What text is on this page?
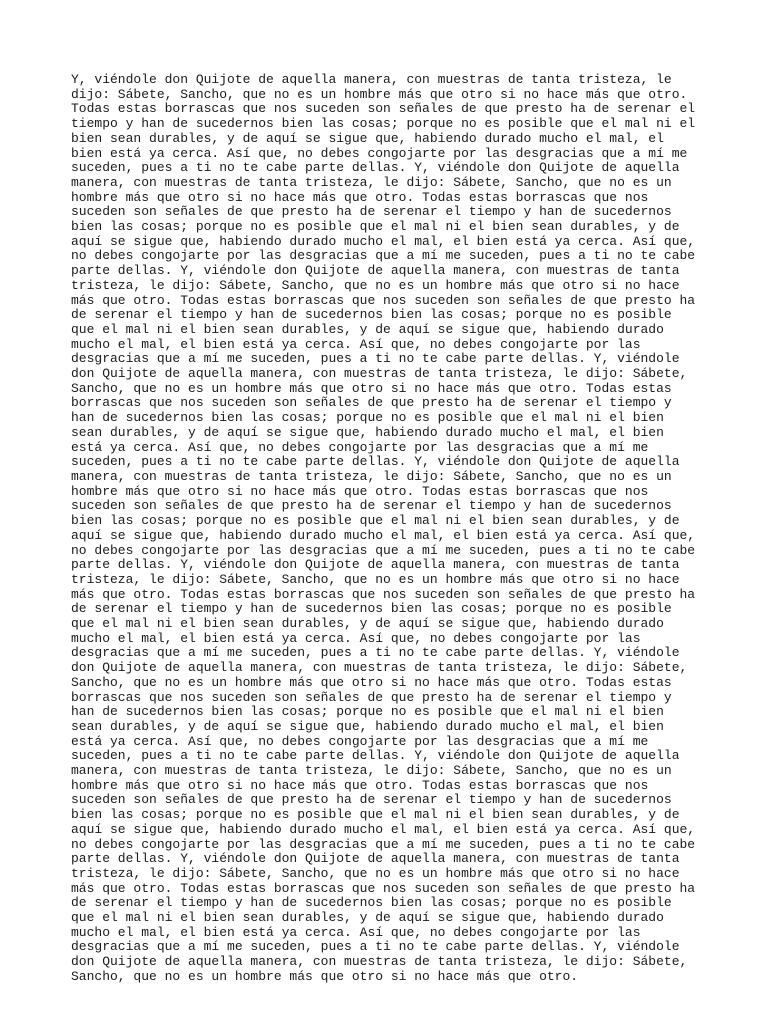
Y, viéndole don Quijote de aquella manera, con muestras de tanta tristeza, le dijo: Sábete, Sancho, que no es un hombre más que otro si no hace más que otro. Todas estas borrascas que nos suceden son señales de que presto ha de serenar el tiempo y han de sucedernos bien las cosas; porque no es posible que el mal ni el bien sean durables, y de aquí se sigue que, habiendo durado mucho el mal, el bien está ya cerca. Así que, no debes congojarte por las desgracias que a mí me suceden, pues a ti no te cabe parte dellas. Y, viéndole don Quijote de aquella manera, con muestras de tanta tristeza, le dijo: Sábete, Sancho, que no es un hombre más que otro si no hace más que otro. Todas estas borrascas que nos suceden son señales de que presto ha de serenar el tiempo y han de sucedernos bien las cosas; porque no es posible que el mal ni el bien sean durables, y de aquí se sigue que, habiendo durado mucho el mal, el bien está ya cerca. Así que, no debes congojarte por las desgracias que a mí me suceden, pues a ti no te cabe parte dellas. Y, viéndole don Quijote de aquella manera, con muestras de tanta tristeza, le dijo: Sábete, Sancho, que no es un hombre más que otro si no hace más que otro. Todas estas borrascas que nos suceden son señales de que presto ha de serenar el tiempo y han de sucedernos bien las cosas; porque no es posible que el mal ni el bien sean durables, y de aquí se sigue que, habiendo durado mucho el mal, el bien está ya cerca. Así que, no debes congojarte por las desgracias que a mí me suceden, pues a ti no te cabe parte dellas. Y, viéndole don Quijote de aquella manera, con muestras de tanta tristeza, le dijo: Sábete, Sancho, que no es un hombre más que otro si no hace más que otro. Todas estas borrascas que nos suceden son señales de que presto ha de serenar el tiempo y han de sucedernos bien las cosas; porque no es posible que el mal ni el bien sean durables, y de aquí se sigue que, habiendo durado mucho el mal, el bien está ya cerca. Así que, no debes congojarte por las desgracias que a mí me suceden, pues a ti no te cabe parte dellas. Y, viéndole don Quijote de aquella manera, con muestras de tanta tristeza, le dijo: Sábete, Sancho, que no es un hombre más que otro si no hace más que otro. Todas estas borrascas que nos suceden son señales de que presto ha de serenar el tiempo y han de sucedernos bien las cosas; porque no es posible que el mal ni el bien sean durables, y de aquí se sigue que, habiendo durado mucho el mal, el bien está ya cerca. Así que, no debes congojarte por las desgracias que a mí me suceden, pues a ti no te cabe parte dellas. Y, viéndole don Quijote de aquella manera, con muestras de tanta tristeza, le dijo: Sábete, Sancho, que no es un hombre más que otro si no hace más que otro. Todas estas borrascas que nos suceden son señales de que presto ha de serenar el tiempo y han de sucedernos bien las cosas; porque no es posible que el mal ni el bien sean durables, y de aquí se sigue que, habiendo durado mucho el mal, el bien está ya cerca. Así que, no debes congojarte por las desgracias que a mí me suceden, pues a ti no te cabe parte dellas. Y, viéndole don Quijote de aquella manera, con muestras de tanta tristeza, le dijo: Sábete, Sancho, que no es un hombre más que otro si no hace más que otro. Todas estas borrascas que nos suceden son señales de que presto ha de serenar el tiempo y han de sucedernos bien las cosas; porque no es posible que el mal ni el bien sean durables, y de aquí se sigue que, habiendo durado mucho el mal, el bien está ya cerca. Así que, no debes congojarte por las desgracias que a mí me suceden, pues a ti no te cabe parte dellas. Y, viéndole don Quijote de aquella manera, con muestras de tanta tristeza, le dijo: Sábete, Sancho, que no es un hombre más que otro si no hace más que otro. Todas estas borrascas que nos suceden son señales de que presto ha de serenar el tiempo y han de sucedernos bien las cosas; porque no es posible que el mal ni el bien sean durables, y de aquí se sigue que, habiendo durado mucho el mal, el bien está ya cerca. Así que, no debes congojarte por las desgracias que a mí me suceden, pues a ti no te cabe parte dellas. Y, viéndole don Quijote de aquella manera, con muestras de tanta tristeza, le dijo: Sábete, Sancho, que no es un hombre más que otro si no hace más que otro. Todas estas borrascas que nos suceden son señales de que presto ha de serenar el tiempo y han de sucedernos bien las cosas; porque no es posible que el mal ni el bien sean durables, y de aquí se sigue que, habiendo durado mucho el mal, el bien está ya cerca. Así que, no debes congojarte por las desgracias que a mí me suceden, pues a ti no te cabe parte dellas. Y, viéndole don Quijote de aquella manera, con muestras de tanta tristeza, le dijo: Sábete, Sancho, que no es un hombre más que otro si no hace más que otro.
